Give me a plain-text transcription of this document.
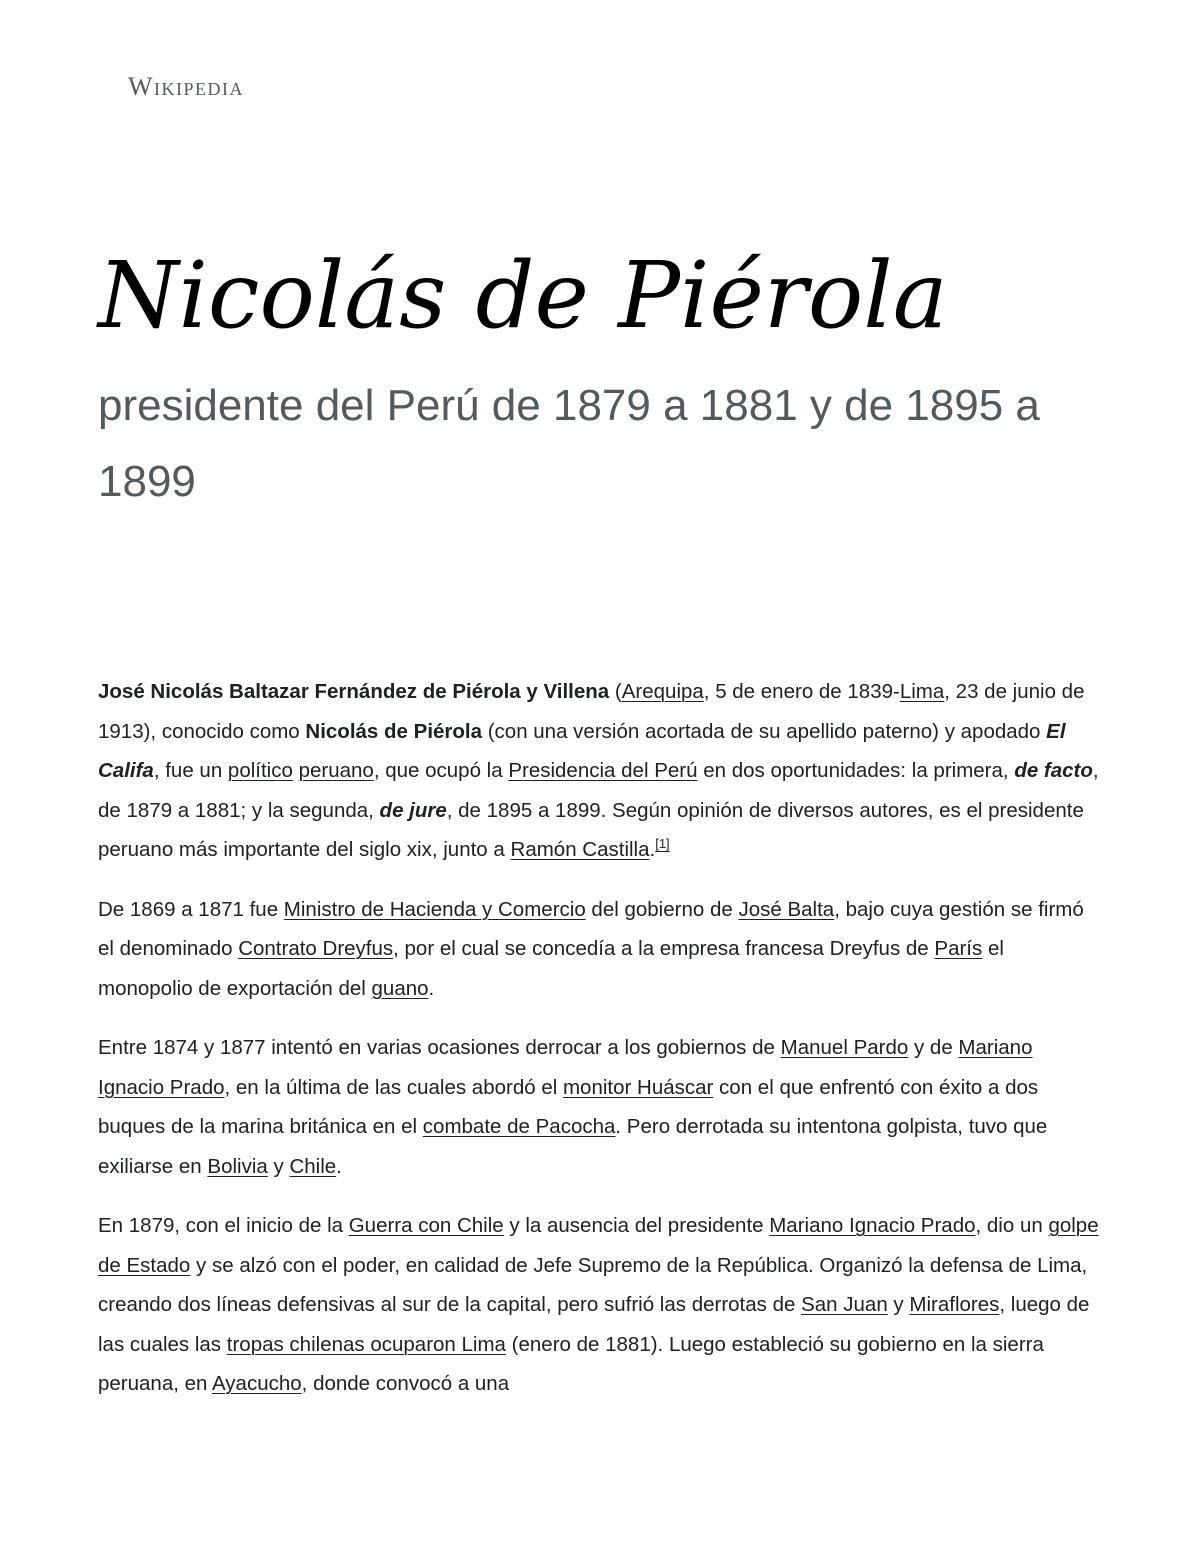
Wikipedia
Nicolás de Piérola
presidente del Perú de 1879 a 1881 y de 1895 a 1899

José Nicolás Baltazar Fernández de Piérola y Villena (Arequipa, 5 de enero de 1839-Lima, 23 de junio de 1913), conocido como Nicolás de Piérola (con una versión acortada de su apellido paterno) y apodado El Califa, fue un político peruano, que ocupó la Presidencia del Perú en dos oportunidades: la primera, de facto, de 1879 a 1881; y la segunda, de jure, de 1895 a 1899. Según opinión de diversos autores, es el presidente peruano más importante del siglo xix, junto a Ramón Castilla.[1]

De 1869 a 1871 fue Ministro de Hacienda y Comercio del gobierno de José Balta, bajo cuya gestión se firmó el denominado Contrato Dreyfus, por el cual se concedía a la empresa francesa Dreyfus de París el monopolio de exportación del guano.

Entre 1874 y 1877 intentó en varias ocasiones derrocar a los gobiernos de Manuel Pardo y de Mariano Ignacio Prado, en la última de las cuales abordó el monitor Huáscar con el que enfrentó con éxito a dos buques de la marina británica en el combate de Pacocha. Pero derrotada su intentona golpista, tuvo que exiliarse en Bolivia y Chile.

En 1879, con el inicio de la Guerra con Chile y la ausencia del presidente Mariano Ignacio Prado, dio un golpe de Estado y se alzó con el poder, en calidad de Jefe Supremo de la República. Organizó la defensa de Lima, creando dos líneas defensivas al sur de la capital, pero sufrió las derrotas de San Juan y Miraflores, luego de las cuales las tropas chilenas ocuparon Lima (enero de 1881). Luego estableció su gobierno en la sierra peruana, en Ayacucho, donde convocó a una
